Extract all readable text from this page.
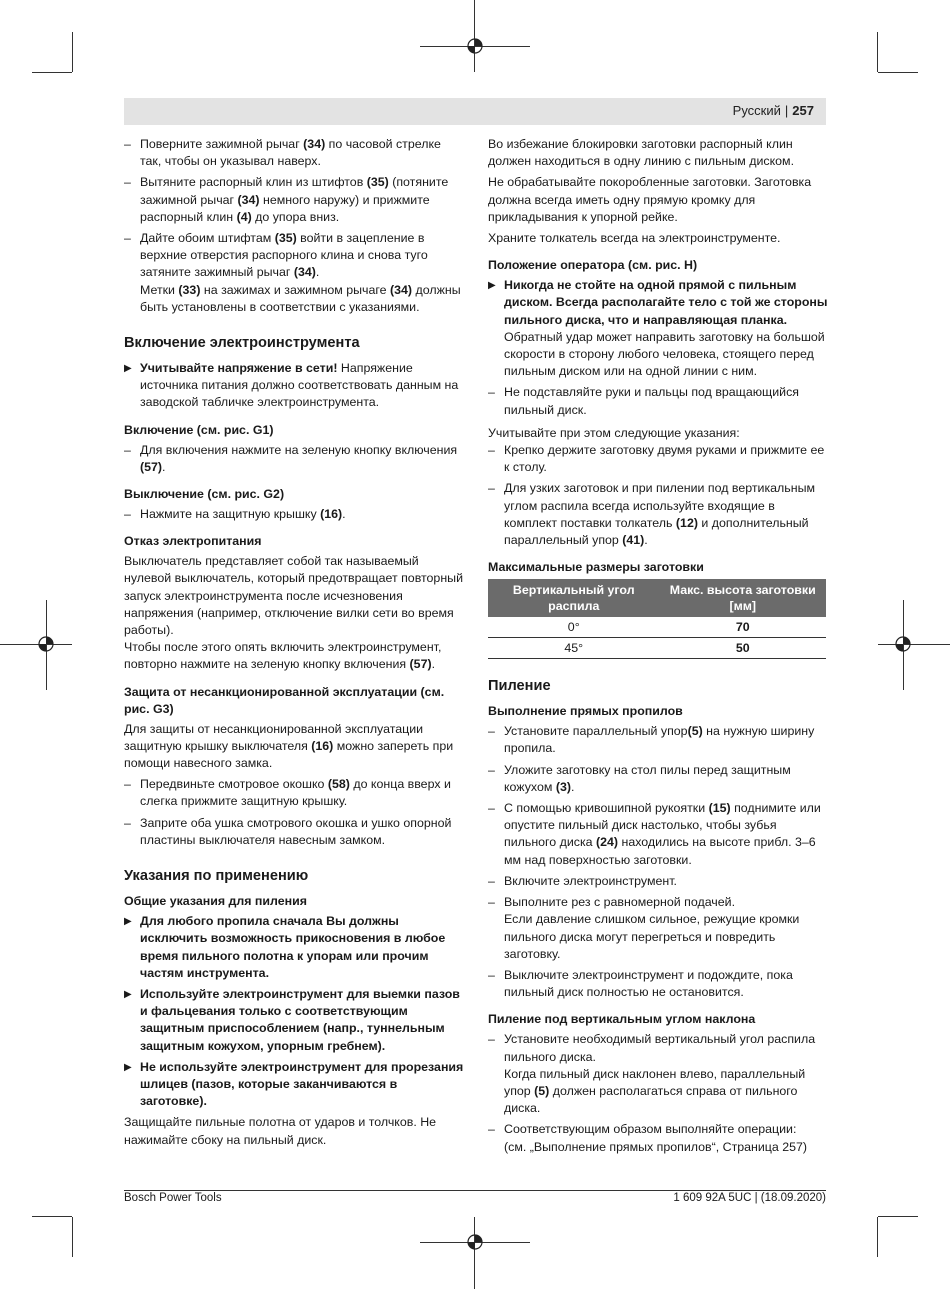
Русский | 257
– Поверните зажимной рычаг (34) по часовой стрелке так, чтобы он указывал наверх.
– Вытяните распорный клин из штифтов (35) (потяните зажимной рычаг (34) немного наружу) и прижмите распорный клин (4) до упора вниз.
– Дайте обоим штифтам (35) войти в зацепление в верхние отверстия распорного клина и снова туго затяните зажимный рычаг (34).

Метки (33) на зажимах и зажимном рычаге (34) должны быть установлены в соответствии с указаниями.

Включение электроинструмента
▶ Учитывайте напряжение в сети! Напряжение источника питания должно соответствовать данным на заводской табличке электроинструмента.
Включение (см. рис. G1)
– Для включения нажмите на зеленую кнопку включения (57).
Выключение (см. рис. G2)
– Нажмите на защитную крышку (16).
Отказ электропитания

Выключатель представляет собой так называемый нулевой выключатель, который предотвращает повторный запуск электроинструмента после исчезновения напряжения (например, отключение вилки сети во время работы).

Чтобы после этого опять включить электроинструмент, повторно нажмите на зеленую кнопку включения (57).

Защита от несанкционированной эксплуатации (см. рис. G3)

Для защиты от несанкционированной эксплуатации защитную крышку выключателя (16) можно запереть при помощи навесного замка.

– Передвиньте смотровое окошко (58) до конца вверх и слегка прижмите защитную крышку.
– Заприте оба ушка смотрового окошка и ушко опорной пластины выключателя навесным замком.
Указания по применению
Общие указания для пиления
▶ Для любого пропила сначала Вы должны исключить возможность прикосновения в любое время пильного полотна к упорам или прочим частям инструмента.
▶ Используйте электроинструмент для выемки пазов и фальцевания только с соответствующим защитным приспособлением (напр., туннельным защитным кожухом, упорным гребнем).
▶ Не используйте электроинструмент для прорезания шлицев (пазов, которые заканчиваются в заготовке).

Защищайте пильные полотна от ударов и толчков. Не нажимайте сбоку на пильный диск.

Во избежание блокировки заготовки распорный клин должен находиться в одну линию с пильным диском.

Не обрабатывайте покоробленные заготовки. Заготовка должна всегда иметь одну прямую кромку для прикладывания к упорной рейке.

Храните толкатель всегда на электроинструменте.

Положение оператора (см. рис. H)
▶ Никогда не стойте на одной прямой с пильным диском. Всегда располагайте тело с той же стороны пильного диска, что и направляющая планка.

Обратный удар может направить заготовку на большой скорости в сторону любого человека, стоящего перед пильным диском или на одной линии с ним.

– Не подставляйте руки и пальцы под вращающийся пильный диск.

Учитывайте при этом следующие указания:

– Крепко держите заготовку двумя руками и прижмите ее к столу.
– Для узких заготовок и при пилении под вертикальным углом распила всегда используйте входящие в комплект поставки толкатель (12) и дополнительный параллельный упор (41).
Максимальные размеры заготовки
Вертикальный угол распила	Макс. высота заготовки [мм]
0°	70
45°	50
Пиление
Выполнение прямых пропилов
– Установите параллельный упор(5) на нужную ширину пропила.
– Уложите заготовку на стол пилы перед защитным кожухом (3).
– С помощью кривошипной рукоятки (15) поднимите или опустите пильный диск настолько, чтобы зубья пильного диска (24) находились на высоте прибл. 3–6 мм над поверхностью заготовки.
– Включите электроинструмент.
– Выполните рез с равномерной подачей.

Если давление слишком сильное, режущие кромки пильного диска могут перегреться и повредить заготовку.

– Выключите электроинструмент и подождите, пока пильный диск полностью не остановится.
Пиление под вертикальным углом наклона
– Установите необходимый вертикальный угол распила пильного диска.

Когда пильный диск наклонен влево, параллельный упор (5) должен располагаться справа от пильного диска.

– Соответствующим образом выполняйте операции:

(см. „Выполнение прямых пропилов“, Страница 257)

Bosch Power Tools	1 609 92A 5UC | (18.09.2020)
